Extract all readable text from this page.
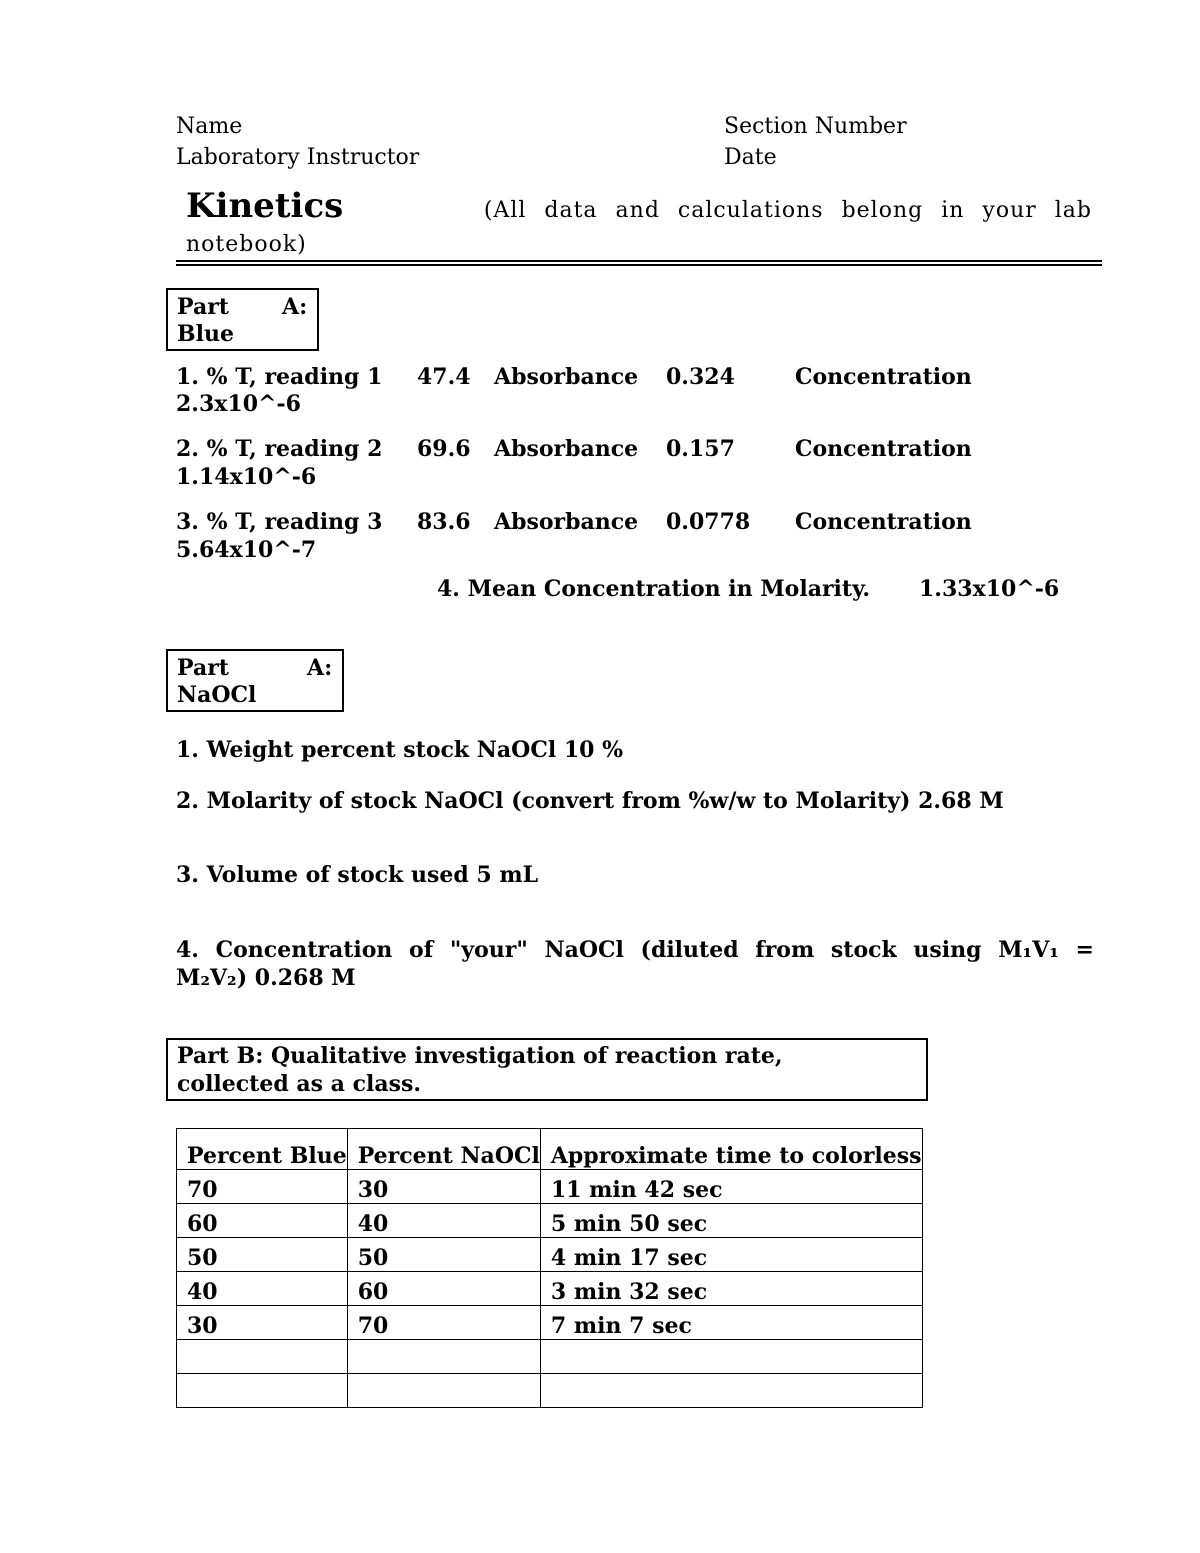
Name	Section Number
Laboratory Instructor	Date
Kinetics	(All data and calculations belong in your lab
notebook)
Part A:
Blue
1. % T, reading 1 47.4 Absorbance 0.324	Concentration
2.3x10^-6
2. % T, reading 2 69.6 Absorbance 0.157	Concentration
1.14x10^-6
3. % T, reading 3 83.6 Absorbance 0.0778 Concentration
5.64x10^-7
4. Mean Concentration in Molarity. 1.33x10^-6
Part	A:
NaOCl
1. Weight percent stock NaOCl 10 %
2. Molarity of stock NaOCl (convert from %w/w to Molarity) 2.68 M
3. Volume of stock used 5 mL
4. Concentration of "your" NaOCl (diluted from stock using M₁V₁ =
M₂V₂) 0.268 M
Part B: Qualitative investigation of reaction rate,
collected as a class.
Percent Blue	Percent NaOCl	Approximate time to colorless
70	30	11 min 42 sec
60	40	5 min 50 sec
50	50	4 min 17 sec
40	60	3 min 32 sec
30	70	7 min 7 sec
